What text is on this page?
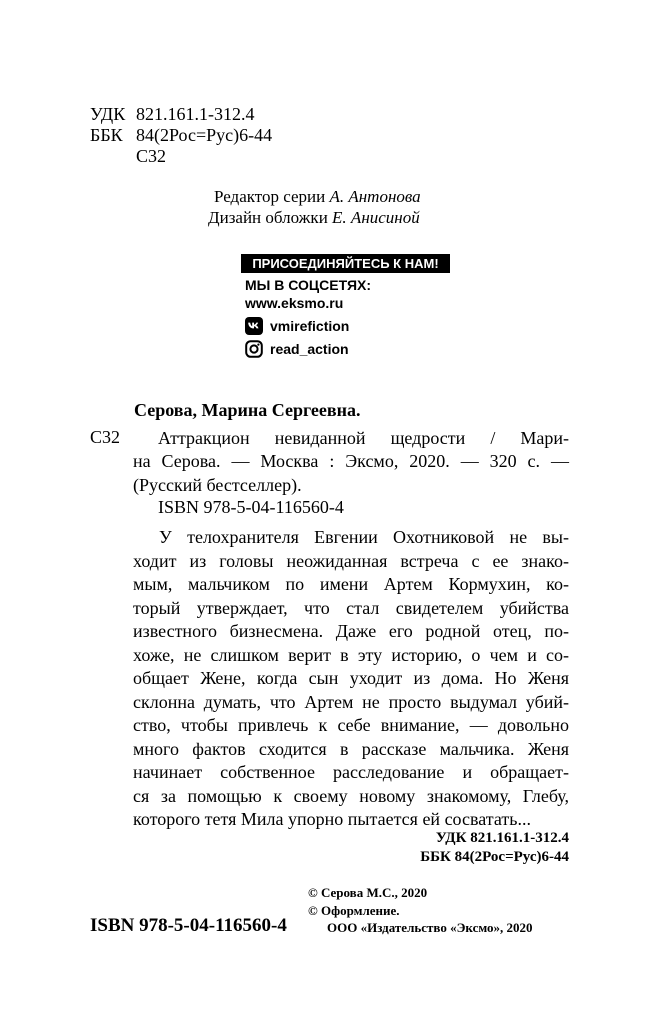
УДК 821.161.1-312.4
ББК 84(2Рос=Рус)6-44
С32
Редактор серии А. Антонова
Дизайн обложки Е. Анисиной
ПРИСОЕДИНЯЙТЕСЬ К НАМ!
МЫ В СОЦСЕТЯХ:
www.eksmo.ru
vmirefiction
read_action
Серова, Марина Сергеевна.
С32 Аттракцион невиданной щедрости / Мари-
на Серова. — Москва : Эксмо, 2020. — 320 с. —
(Русский бестселлер).
ISBN 978-5-04-116560-4
У телохранителя Евгении Охотниковой не вы-
ходит из головы неожиданная встреча с ее знако-
мым, мальчиком по имени Артем Кормухин, ко-
торый утверждает, что стал свидетелем убийства
известного бизнесмена. Даже его родной отец, по-
хоже, не слишком верит в эту историю, о чем и со-
общает Жене, когда сын уходит из дома. Но Женя
склонна думать, что Артем не просто выдумал убий-
ство, чтобы привлечь к себе внимание, — довольно
много фактов сходится в рассказе мальчика. Женя
начинает собственное расследование и обращает-
ся за помощью к своему новому знакомому, Глебу,
которого тетя Мила упорно пытается ей сосватать...
УДК 821.161.1-312.4
ББК 84(2Рос=Рус)6-44
© Серова М.С., 2020
© Оформление.
ООО «Издательство «Эксмо», 2020
ISBN 978-5-04-116560-4
